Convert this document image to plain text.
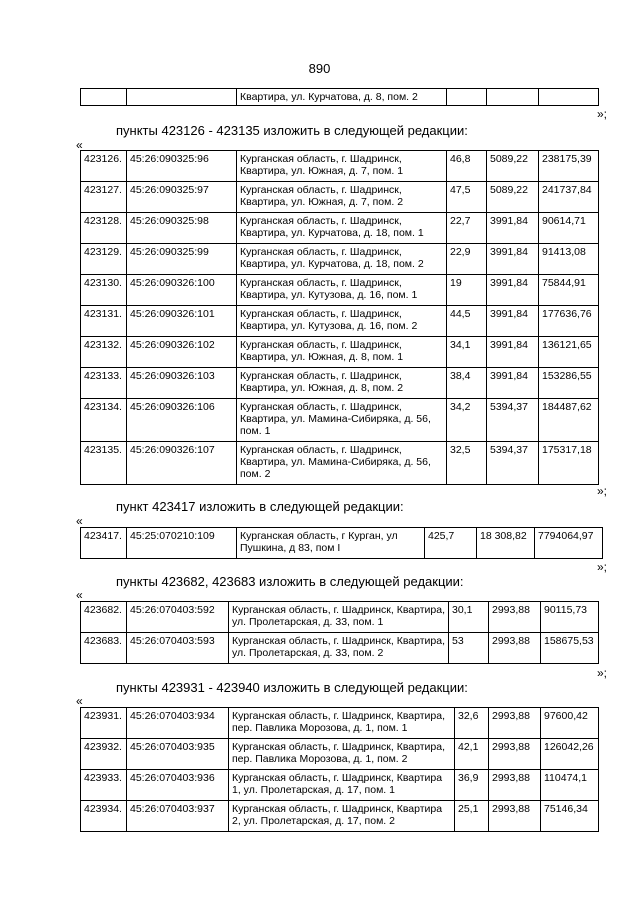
890
		Квартира, ул. Курчатова, д. 8, пом. 2			
»;
пункты 423126 - 423135 изложить в следующей редакции:
«
423126.	45:26:090325:96	Курганская область, г. Шадринск, Квартира, ул. Южная, д. 7, пом. 1	46,8	5089,22	238175,39
423127.	45:26:090325:97	Курганская область, г. Шадринск, Квартира, ул. Южная, д. 7, пом. 2	47,5	5089,22	241737,84
423128.	45:26:090325:98	Курганская область, г. Шадринск, Квартира, ул. Курчатова, д. 18, пом. 1	22,7	3991,84	90614,71
423129.	45:26:090325:99	Курганская область, г. Шадринск, Квартира, ул. Курчатова, д. 18, пом. 2	22,9	3991,84	91413,08
423130.	45:26:090326:100	Курганская область, г. Шадринск, Квартира, ул. Кутузова, д. 16, пом. 1	19	3991,84	75844,91
423131.	45:26:090326:101	Курганская область, г. Шадринск, Квартира, ул. Кутузова, д. 16, пом. 2	44,5	3991,84	177636,76
423132.	45:26:090326:102	Курганская область, г. Шадринск, Квартира, ул. Южная, д. 8, пом. 1	34,1	3991,84	136121,65
423133.	45:26:090326:103	Курганская область, г. Шадринск, Квартира, ул. Южная, д. 8, пом. 2	38,4	3991,84	153286,55
423134.	45:26:090326:106	Курганская область, г. Шадринск, Квартира, ул. Мамина-Сибиряка, д. 56, пом. 1	34,2	5394,37	184487,62
423135.	45:26:090326:107	Курганская область, г. Шадринск, Квартира, ул. Мамина-Сибиряка, д. 56, пом. 2	32,5	5394,37	175317,18
»;
пункт 423417 изложить в следующей редакции:
«
423417.	45:25:070210:109	Курганская область, г Курган, ул Пушкина, д 83, пом I	425,7	18 308,82	7794064,97
»;
пункты 423682, 423683 изложить в следующей редакции:
«
423682.	45:26:070403:592	Курганская область, г. Шадринск, Квартира, ул. Пролетарская, д. 33, пом. 1	30,1	2993,88	90115,73
423683.	45:26:070403:593	Курганская область, г. Шадринск, Квартира, ул. Пролетарская, д. 33, пом. 2	53	2993,88	158675,53
»;
пункты 423931 - 423940 изложить в следующей редакции:
«
423931.	45:26:070403:934	Курганская область, г. Шадринск, Квартира, пер. Павлика Морозова, д. 1, пом. 1	32,6	2993,88	97600,42
423932.	45:26:070403:935	Курганская область, г. Шадринск, Квартира, пер. Павлика Морозова, д. 1, пом. 2	42,1	2993,88	126042,26
423933.	45:26:070403:936	Курганская область, г. Шадринск, Квартира 1, ул. Пролетарская, д. 17, пом. 1	36,9	2993,88	110474,1
423934.	45:26:070403:937	Курганская область, г. Шадринск, Квартира 2, ул. Пролетарская, д. 17, пом. 2	25,1	2993,88	75146,34
